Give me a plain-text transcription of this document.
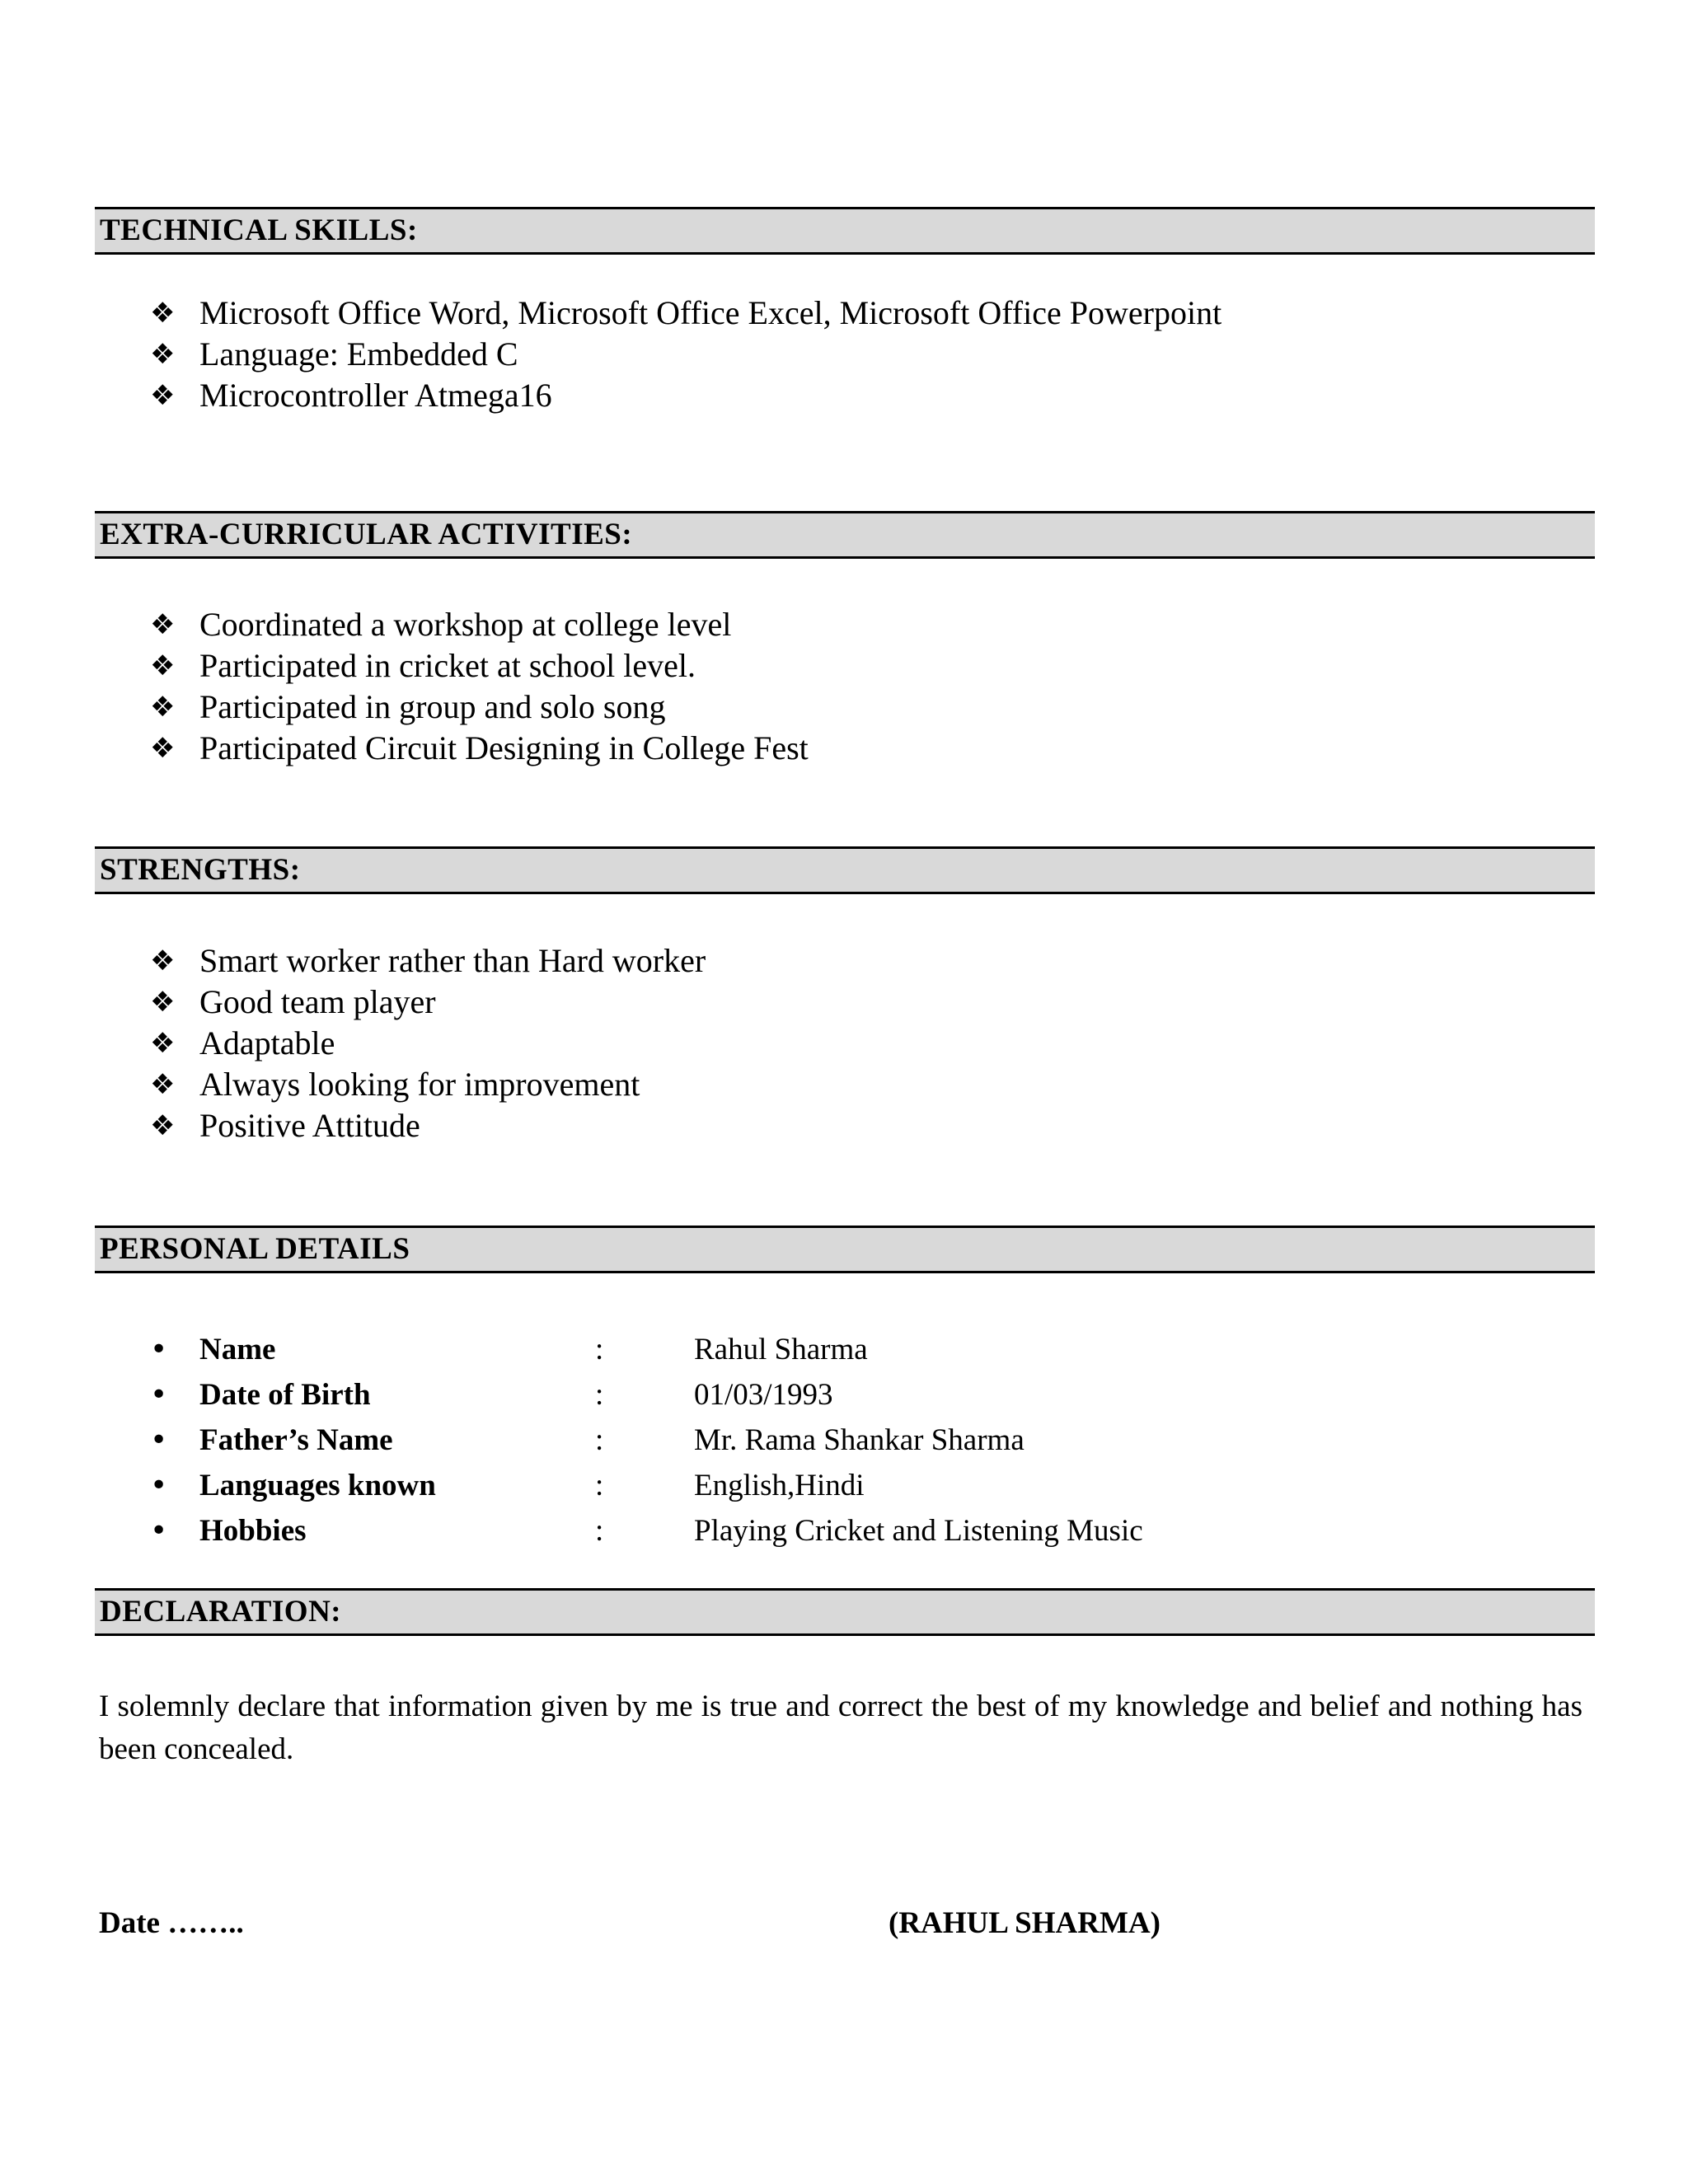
TECHNICAL SKILLS:
❖ Microsoft Office Word, Microsoft Office Excel, Microsoft Office Powerpoint
❖ Language: Embedded C
❖ Microcontroller Atmega16
EXTRA-CURRICULAR ACTIVITIES:
❖ Coordinated a workshop at college level
❖ Participated in cricket at school level.
❖ Participated in group and solo song
❖ Participated Circuit Designing in College Fest
STRENGTHS:
❖ Smart worker rather than Hard worker
❖ Good team player
❖ Adaptable
❖ Always looking for improvement
❖ Positive Attitude
PERSONAL DETAILS
• Name	:	Rahul Sharma
• Date of Birth	:	01/03/1993
• Father’s Name	:	Mr. Rama Shankar Sharma
• Languages known	:	English,Hindi
• Hobbies	:	Playing Cricket and Listening Music
DECLARATION:
I solemnly declare that information given by me is true and correct the best of my knowledge and belief and nothing has been concealed.
Date ……..	(RAHUL SHARMA)
